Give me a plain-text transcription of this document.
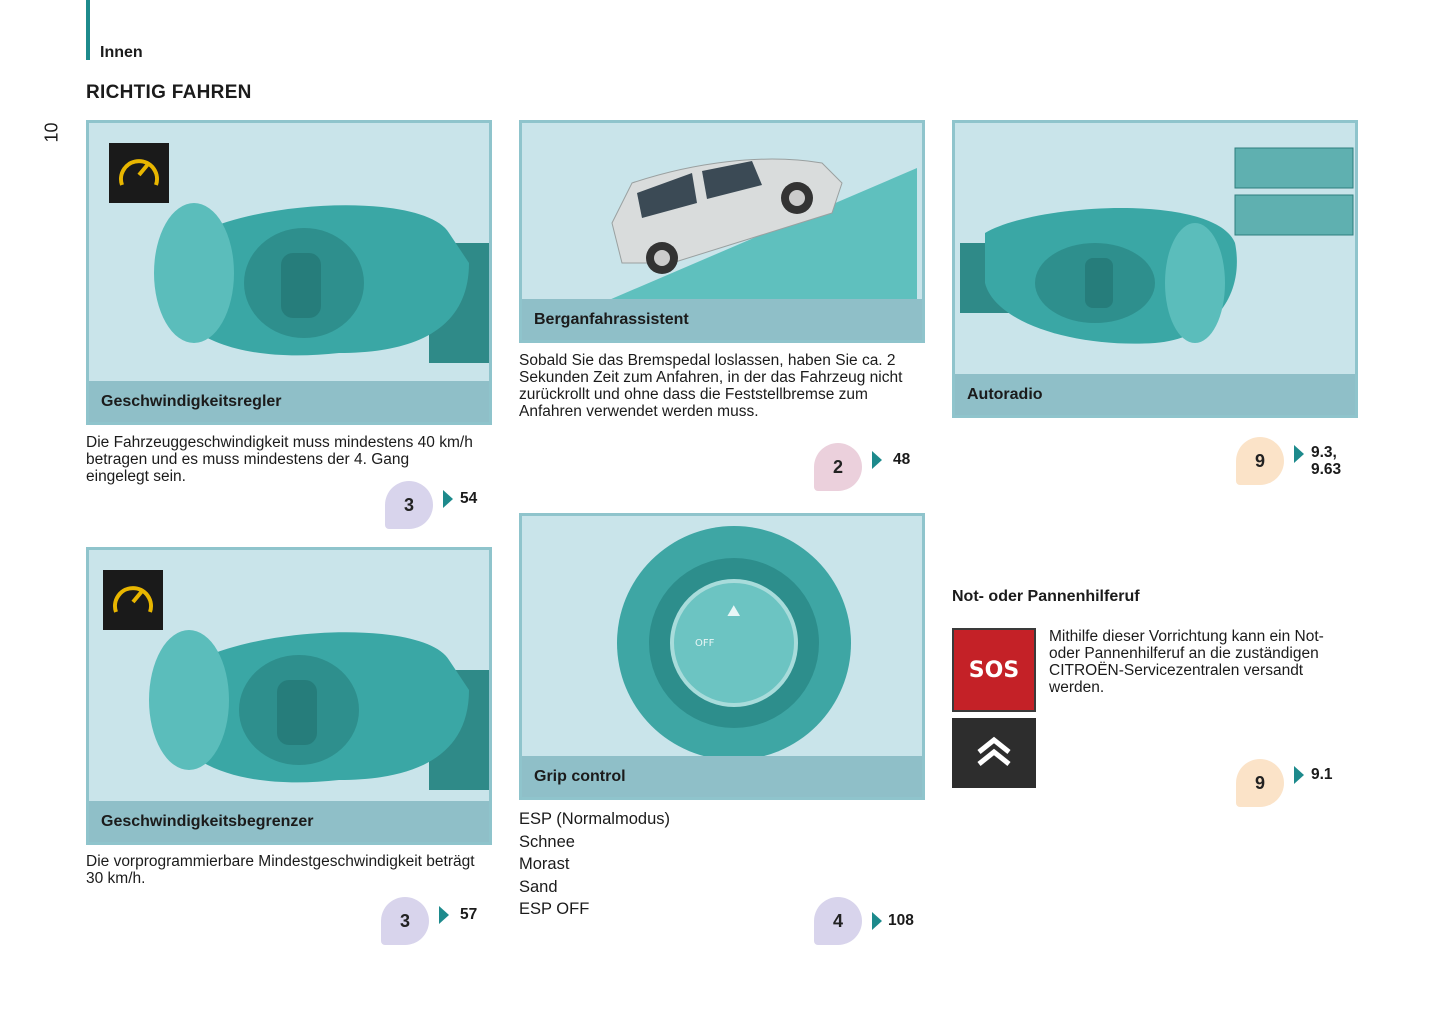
Innen
RICHTIG FAHREN
10
Geschwindigkeitsregler
Die Fahrzeuggeschwindigkeit muss mindestens 40 km/h betragen und es muss mindestens der 4. Gang eingelegt sein.
3	54
Geschwindigkeitsbegrenzer
Die vorprogrammierbare Mindestgeschwindigkeit beträgt 30 km/h.
3	57
Berganfahrassistent
Sobald Sie das Bremspedal loslassen, haben Sie ca. 2 Sekunden Zeit zum Anfahren, in der das Fahrzeug nicht zurückrollt und ohne dass die Feststellbremse zum Anfahren verwendet werden muss.
2	48
⛰
OFF
Grip control
ESP (Normalmodus)
Schnee
Morast
Sand
ESP OFF
4	108
Autoradio
9	9.3,
9.63
Not- oder Pannenhilferuf
SOS
Mithilfe dieser Vorrichtung kann ein Not- oder Pannenhilferuf an die zuständigen CITROËN-Servicezentralen versandt werden.
9	9.1
